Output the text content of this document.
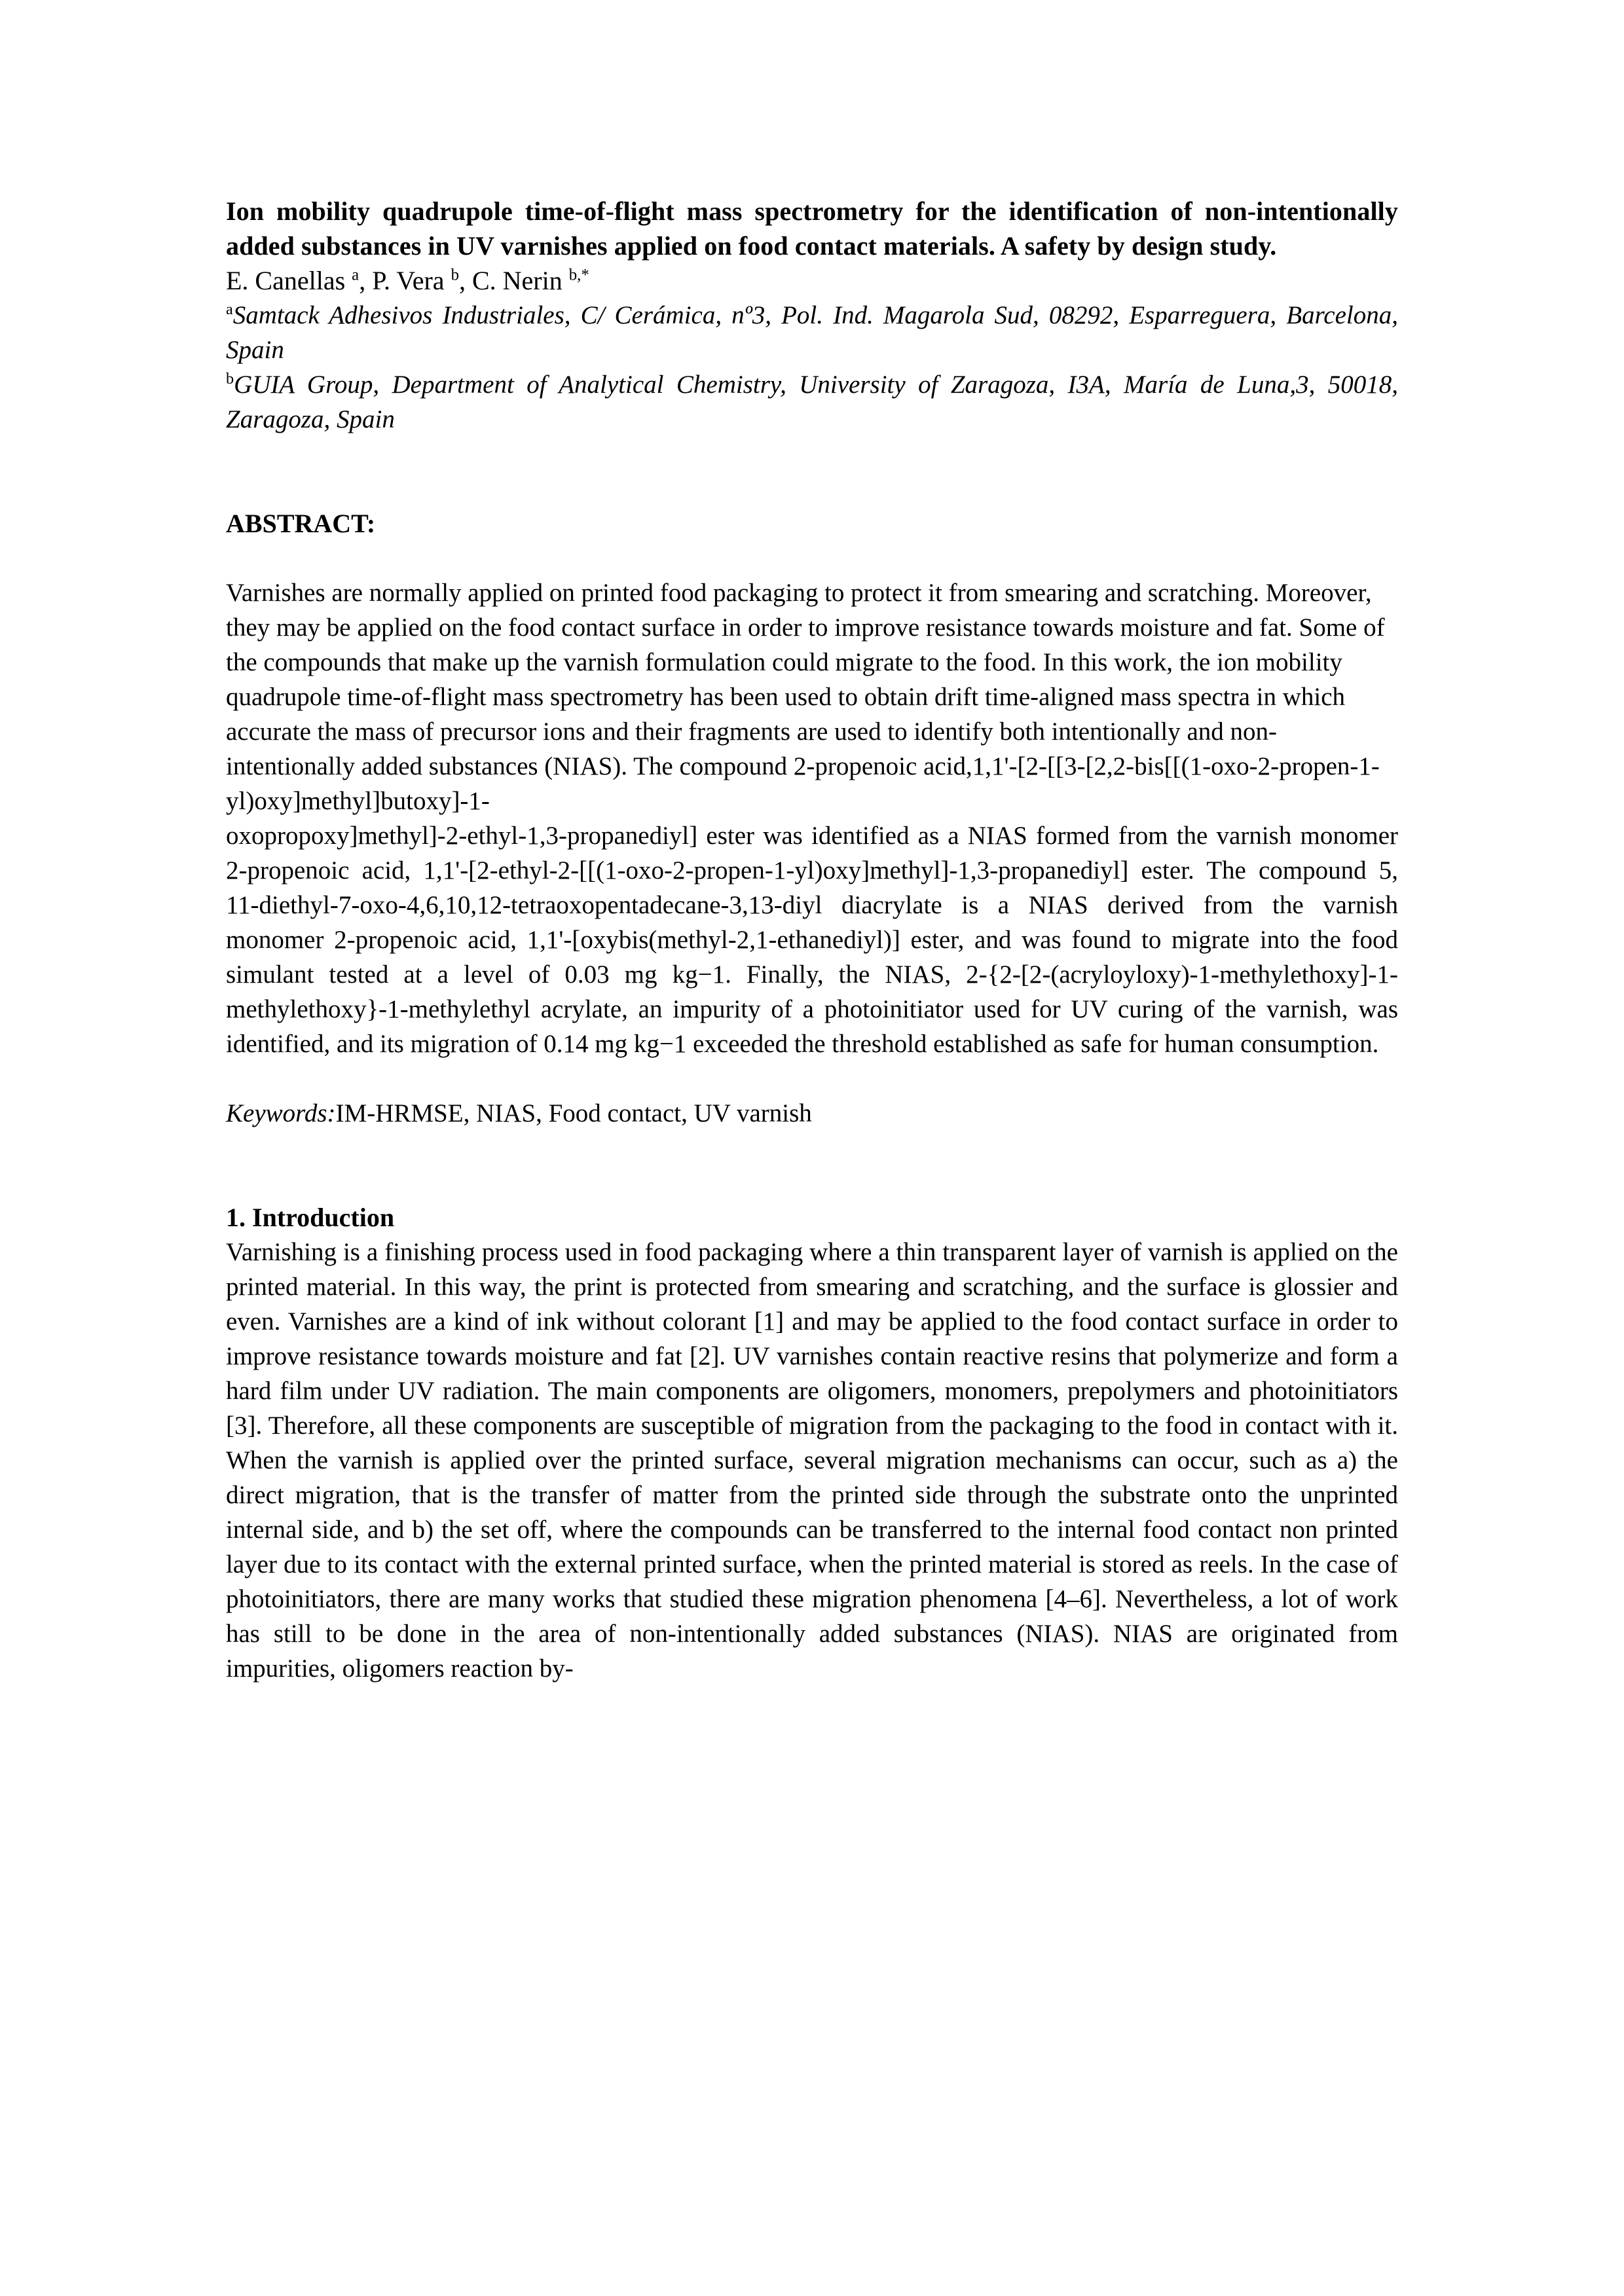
Ion mobility quadrupole time-of-flight mass spectrometry for the identification of non-intentionally added substances in UV varnishes applied on food contact materials. A safety by design study.

E. Canellas $^a$, P. Vera $^b$, C. Nerin $^{b,*}$

$^a$Samtack Adhesivos Industriales, C/ Cerámica, nº3, Pol. Ind. Magarola Sud, 08292, Esparreguera, Barcelona, Spain

$^b$GUIA Group, Department of Analytical Chemistry, University of Zaragoza, I3A, María de Luna,3, 50018, Zaragoza, Spain

ABSTRACT:

Varnishes are normally applied on printed food packaging to protect it from smearing and scratching. Moreover, they may be applied on the food contact surface in order to improve resistance towards moisture and fat. Some of the compounds that make up the varnish formulation could migrate to the food. In this work, the ion mobility quadrupole time-of-flight mass spectrometry has been used to obtain drift time-aligned mass spectra in which accurate the mass of precursor ions and their fragments are used to identify both intentionally and non-intentionally added substances (NIAS). The compound 2-propenoic acid,1,1'-[2-[[3-[2,2-bis[[(1-oxo-2-propen-1-yl)oxy]methyl]butoxy]-1-

oxopropoxy]methyl]-2-ethyl-1,3-propanediyl] ester was identified as a NIAS formed from the varnish monomer 2-propenoic acid, 1,1'-[2-ethyl-2-[[(1-oxo-2-propen-1-yl)oxy]methyl]-1,3-propanediyl] ester. The compound 5, 11-diethyl-7-oxo-4,6,10,12-tetraoxopentadecane-3,13-diyl diacrylate is a NIAS derived from the varnish monomer 2-propenoic acid, 1,1'-[oxybis(methyl-2,1-ethanediyl)] ester, and was found to migrate into the food simulant tested at a level of 0.03 mg kg−1. Finally, the NIAS, 2-{2-[2-(acryloyloxy)-1-methylethoxy]-1-methylethoxy}-1-methylethyl acrylate, an impurity of a photoinitiator used for UV curing of the varnish, was identified, and its migration of 0.14 mg kg−1 exceeded the threshold established as safe for human consumption.

Keywords:IM-HRMSE, NIAS, Food contact, UV varnish

1. Introduction

Varnishing is a finishing process used in food packaging where a thin transparent layer of varnish is applied on the printed material. In this way, the print is protected from smearing and scratching, and the surface is glossier and even. Varnishes are a kind of ink without colorant [1] and may be applied to the food contact surface in order to improve resistance towards moisture and fat [2]. UV varnishes contain reactive resins that polymerize and form a hard film under UV radiation. The main components are oligomers, monomers, prepolymers and photoinitiators [3]. Therefore, all these components are susceptible of migration from the packaging to the food in contact with it. When the varnish is applied over the printed surface, several migration mechanisms can occur, such as a) the direct migration, that is the transfer of matter from the printed side through the substrate onto the unprinted internal side, and b) the set off, where the compounds can be transferred to the internal food contact non printed layer due to its contact with the external printed surface, when the printed material is stored as reels. In the case of photoinitiators, there are many works that studied these migration phenomena [4–6]. Nevertheless, a lot of work has still to be done in the area of non-intentionally added substances (NIAS). NIAS are originated from impurities, oligomers reaction by-
